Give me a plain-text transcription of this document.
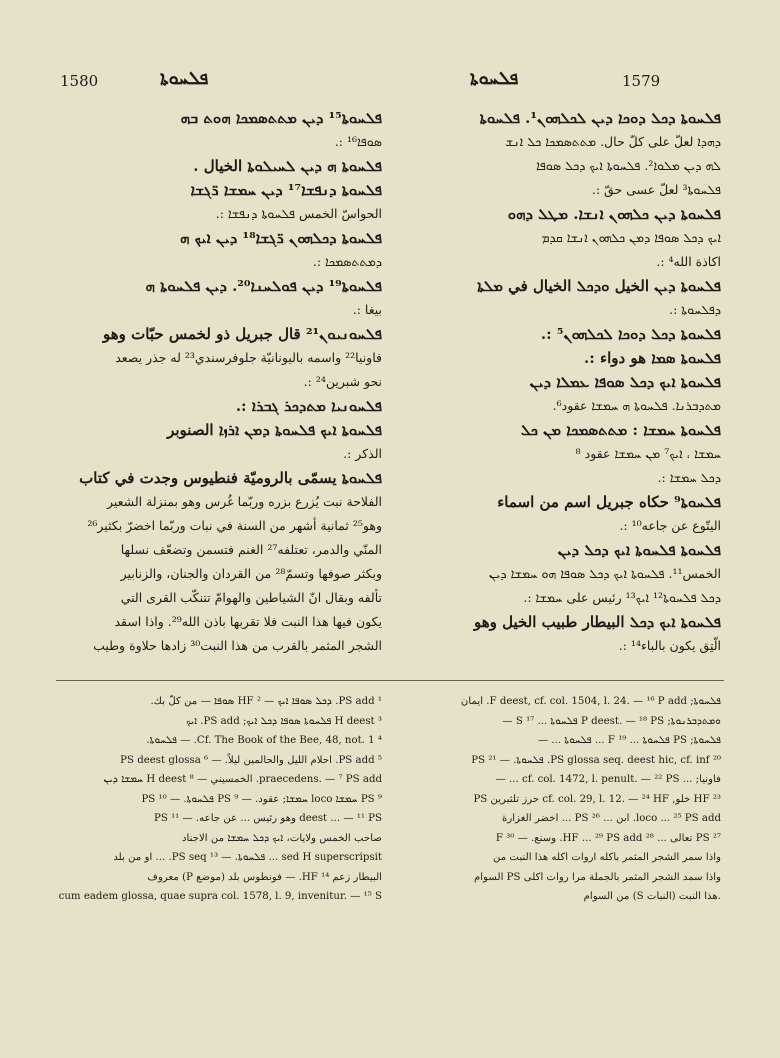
1580	ܦܠܚܘܬܐ	ܦܠܚܘܬܐ	1579
ܦܠܚܘܬܐ¹⁵ ܕܝܢ ܡܬܬܣܡܟܐ ܗܘܬ ܒܗ
ܣܘܦܐ¹⁶ :.
ܦܠܚܘܬܐ ܗ ܕܝܢ ܠܚܝܠܘܬܐ الخيال .
ܦܠܚܘܬܐ ܕܢܦܫܐ¹⁷ ܕܝܢ ܚܡܫܐ ܪ̈ܓܫܐ
الحواسّ الخمس ܦܠܚܘܬܐ ܕܢܦܫܐ :.
ܦܠܚܘܬܐ ܕܟܠܗܘܢ ܪ̈ܓܫܐ¹⁸ ܕܝܢ ܐܝܟ ܗ
ܕܡܬܬܣܡܟܐ :.
ܦܠܚܘܬܐ¹⁹ ܕܝܢ ܦܘܠܚܢܐ²⁰. ܕܝܢ ܦܠܚܘܬܐ ܗ
بيغا :.
ܦܠܚܘܢܝܘܢ²¹ قال جبريل ذو لخمس حبّات وهو
فاونيا²² واسمه باليونانيّة جلوفرسندي²³ له جذر يصعد
نحو شبرين²⁴ :.
ܦܠܚܘܢܝܐ ܡܬܕܟܪ ܓܒܪܐ :.
ܦܠܚܘܬܐ ܐܝܟ ܦܠܚܘܬܐ ܕܡܢ ܐܪܙܐ الصنوبر
الذكر :.
ܦܠܚܘܬܐ يسمّى بالروميّة فنطيوس وجدت في كتاب
الفلاحة نبت يُزرع بزره وربّما غُرس وهو بمنزلة الشعير
وهو²⁵ ثمانية أشهر من السنة في نبات وربّما اخضرّ بكثير²⁶
المنّي والدمر، تعتلفه²⁷ الغنم فتسمن وتضعّف نسلها
وبكثر صوفها وتسمّ²⁸ من القردان والجنان، والزنابير
تألفه وبقال انّ الشياطين والهوامّ تتنكّب القرى التي
يكون فيها هذا النبت فلا تقربها باذن الله²⁹. واذا اسقد
الشجر المثمر بالقرب من هذا النبت³⁰ زادها حلاوة وطيب
ܦܠܚܘܬܐ ܕܟܠ ܕܘܟܐ ܕܝܢ ܠܟܠܗܘܢ¹. ܦܠܚܘܬܐ
ܕܗܕܐ لعلّ على كلّ حال. ܡܬܬܣܡܟܐ ܟܠ ܐܢܫ
ܠܗ ܕܝܢ ܡܠܘܐ². ܦܠܚܘܬܐ ܐܝܟ ܕܟܠ ܣܘܦܐ
ܦܠܚܘܬܐ³ لعلّ عسى حقّ :.
ܦܠܚܘܬܐ ܕܝܢ ܟܠܗܘܢ ܐܢܫܐ. ܡܛܠ ܕܗܘ
ܐܝܟ ܕܟܠ ܣܘܦܐ ܕܡܢ ܟܠܗܘܢ ܐܢܫܐ ܩܕܡ
اكاذة الله⁴ :.
ܦܠܚܘܬܐ ܕܝܢ الخيل ܘܕܟܠ الخيال في ܡܠܬܐ
ܕܦܠܚܘܬܐ :.
ܦܠܚܘܬܐ ܕܟܠ ܕܘܟܐ ܠܟܠܗܘܢ⁵ :.
ܦܠܚܘܬܐ ܣܡܐ هو دواء :.
ܦܠܚܘܬܐ ܐܝܟ ܕܟܠ ܣܘܦܐ ܥܡܠܐ ܕܝܢ
ܡܬܕܒܪܢܐ. ܦܠܚܘܬܐ ܗ ܚܡܫܐ عقود⁶.
ܦܠܚܘܬܐ ܚܡܫܐ : ܡܬܬܣܡܟܐ ܡܢ ܟܠ
ܚܡܫܐ ، ܐܝܟ⁷ ܡܢ ܚܡܫܐ عقود ⁸
ܕܟܠ ܚܡܫܐ :.
ܦܠܚܘܬܐ⁹ حكاه جبريل اسم من اسماء
اليتّوع عن جاعه¹⁰ :.
ܦܠܚܘܬܐ ܦܠܚܘܬܐ ܐܝܟ ܕܟܠ ܕܝܢ
الخمس¹¹. ܦܠܚܘܬܐ ܐܝܟ ܕܟܠ ܣܘܦܐ ܗܘ ܚܡܫܐ ܕܝܢ
ܕܟܠ ܦܠܚܘܬܐ¹² ܐܝܟ¹³ رئيس على ܚܡܫܐ :.
ܦܠܚܘܬܐ ܐܝܟ ܕܟܠ البيطار طبيب الخيل وهو
الّتِق يكون بالباء¹⁴ :.
¹ PS add. ܕܟܠ ܣܘܦܐ ܐܝܟ — ² HF ܣܘܦܐ — من كلّ بك.
³ H deest ܦܠܚܘܬܐ ܣܘܦܐ ܕܟܠ ܐܝܟ; PS add. ܐܝܟ
⁴ Cf. The Book of the Bee, 48, not. 1. — ܦܠܚܘܬܐ.
⁵ PS add. احلام الليل والحالمين ليلاً. — ⁶ PS deest glossa
praecedens. — ⁷ PS add. الخمسيني — ⁸ H deest ܚܡܫܐ ܕܝܢ
⁹ PS ܚܡܫܐ loco ܚܡܫܐ; عقود. — ⁹ PS ܦܠܚܘܬܐ. — ¹⁰ PS
deest ... — ¹¹ PS وهو رئيس ... عن جاعه. — ¹¹ PS
صاحب الخمس ولايات، ܐܝܟ ܕܟܠ ܚܡܫܐ من الاجناد
sed H superscripsit ... ܦܠܚܘܬܐ. — ¹³ PS seq. ... او من بلد
البيطار زعم ¹⁴ HF. — فونطوس بلد (موضع P) معروف
cum eadem glossa, quae supra col. 1578, l. 9, invenitur. — ¹⁵ S
ܦܠܚܘܬܐ; F deest, cf. col. 1504, l. 24. — ¹⁶ P add. ايمان
ܘܡܬܕܒܪܢܘܬܐ; P deest. — ¹⁸ PS ܦܠܚܘܬܐ ... ¹⁷ S —
ܦܠܚܘܬܐ; PS ܦܠܚܘܬܐ ... ¹⁹ F ... ܦܠܚܘܬܐ ... —
²⁰ PS glossa seq. deest hic, cf. inf. ܦܠܚܘܬܐ. — ²¹ PS
فاونيا; ... cf. col. 1472, l. penult. — ²² PS ... —
²³ HF خلو, cf. col. 29, l. 12. — ²⁴ HF حرز تلثبرين PS
loco ... ²⁵ PS add. ابن ... ²⁶ PS ... اخضر الغزارة
²⁷ PS تعالى ... ²⁸ HF ... ²⁹ PS add. وسنع. — ³⁰ F
واذا سمر الشجر المثمر باكله اروات اكله هذا النبت من
واذا سمد الشجر المثمر بالجملة مرا روات اكلى PS السوام
.هذا النبت (النبات S) من السوام
